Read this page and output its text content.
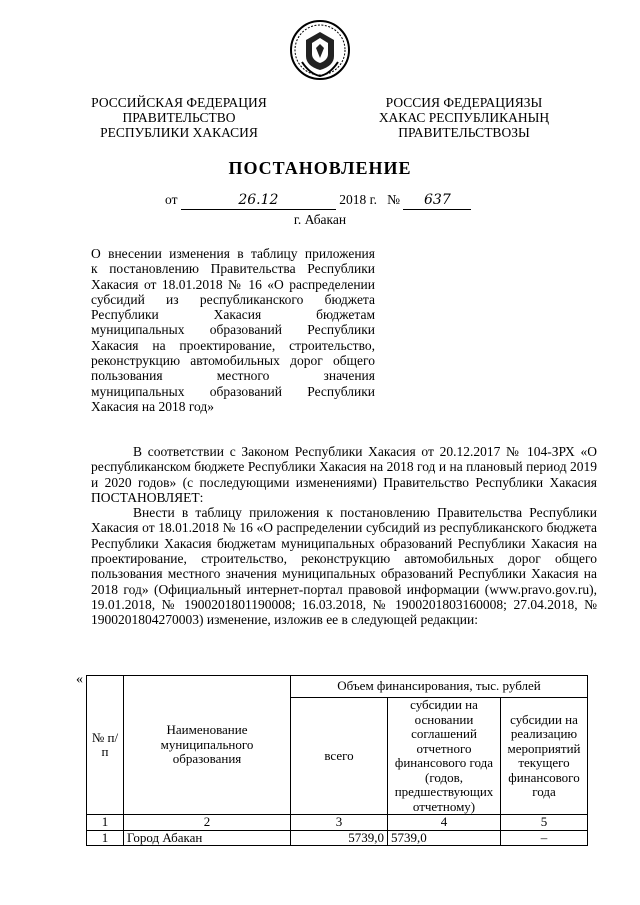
РОССИЙСКАЯ ФЕДЕРАЦИЯ
ПРАВИТЕЛЬСТВО
РЕСПУБЛИКИ ХАКАСИЯ
РОССИЯ ФЕДЕРАЦИЯЗЫ
ХАКАС РЕСПУБЛИКАНЫҢ
ПРАВИТЕЛЬСТВОЗЫ
ПОСТАНОВЛЕНИЕ
от	26.12	2018 г. № 637
г. Абакан
О внесении изменения в таблицу приложения
к постановлению Правительства Республики
Хакасия от 18.01.2018 № 16 «О распределении
субсидий из республиканского бюджета
Республики Хакасия бюджетам
муниципальных образований Республики
Хакасия на проектирование, строительство,
реконструкцию автомобильных дорог общего
пользования местного значения
муниципальных образований Республики
Хакасия на 2018 год»

В соответствии с Законом Республики Хакасия от 20.12.2017 № 104-ЗРХ «О республиканском бюджете Республики Хакасия на 2018 год и на плановый период 2019 и 2020 годов» (с последующими изменениями) Правительство Республики Хакасия ПОСТАНОВЛЯЕТ:

Внести в таблицу приложения к постановлению Правительства Республики Хакасия от 18.01.2018 № 16 «О распределении субсидий из республиканского бюджета Республики Хакасия бюджетам муниципальных образований Республики Хакасия на проектирование, строительство, реконструкцию автомобильных дорог общего пользования местного значения муниципальных образований Республики Хакасия на 2018 год» (Официальный интернет-портал правовой информации (www.pravo.gov.ru), 19.01.2018, № 1900201801190008; 16.03.2018, № 1900201803160008; 27.04.2018, № 1900201804270003) изменение, изложив ее в следующей редакции:

«
№ п/п	Наименование муниципального образования	Объем финансирования, тыс. рублей		
		всего	субсидии на основании соглашений отчетного финансового года (годов, предшествующих отчетному)	субсидии на реализацию мероприятий текущего финансового года
1	2	3	4	5
1	Город Абакан	5739,0	5739,0	–
